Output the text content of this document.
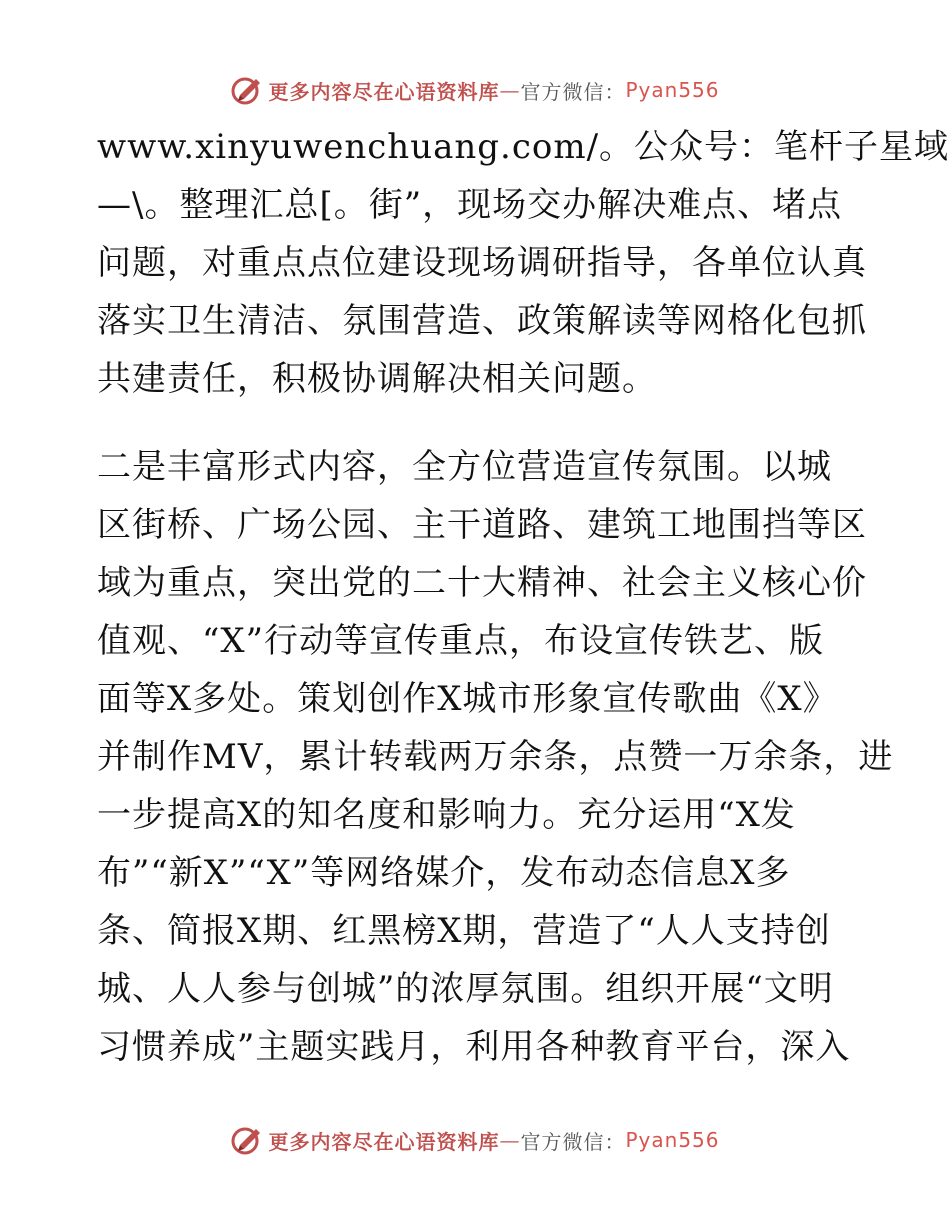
更多内容尽在心语资料库 — 官方微信： Pyan556
www.xinyuwenchuang.com/。公众号：笔杆子星域
—\。整理汇总[。街”，现场交办解决难点、堵点
问题，对重点点位建设现场调研指导，各单位认真
落实卫生清洁、氛围营造、政策解读等网格化包抓
共建责任，积极协调解决相关问题。
二是丰富形式内容，全方位营造宣传氛围。以城
区街桥、广场公园、主干道路、建筑工地围挡等区
域为重点，突出党的二十大精神、社会主义核心价
值观、“X”行动等宣传重点，布设宣传铁艺、版
面等X多处。策划创作X城市形象宣传歌曲《X》
并制作MV，累计转载两万余条，点赞一万余条，进
一步提高X的知名度和影响力。充分运用“X发
布”“新X”“X”等网络媒介，发布动态信息X多
条、简报X期、红黑榜X期，营造了“人人支持创
城、人人参与创城”的浓厚氛围。组织开展“文明
习惯养成”主题实践月，利用各种教育平台，深入
更多内容尽在心语资料库 — 官方微信： Pyan556
